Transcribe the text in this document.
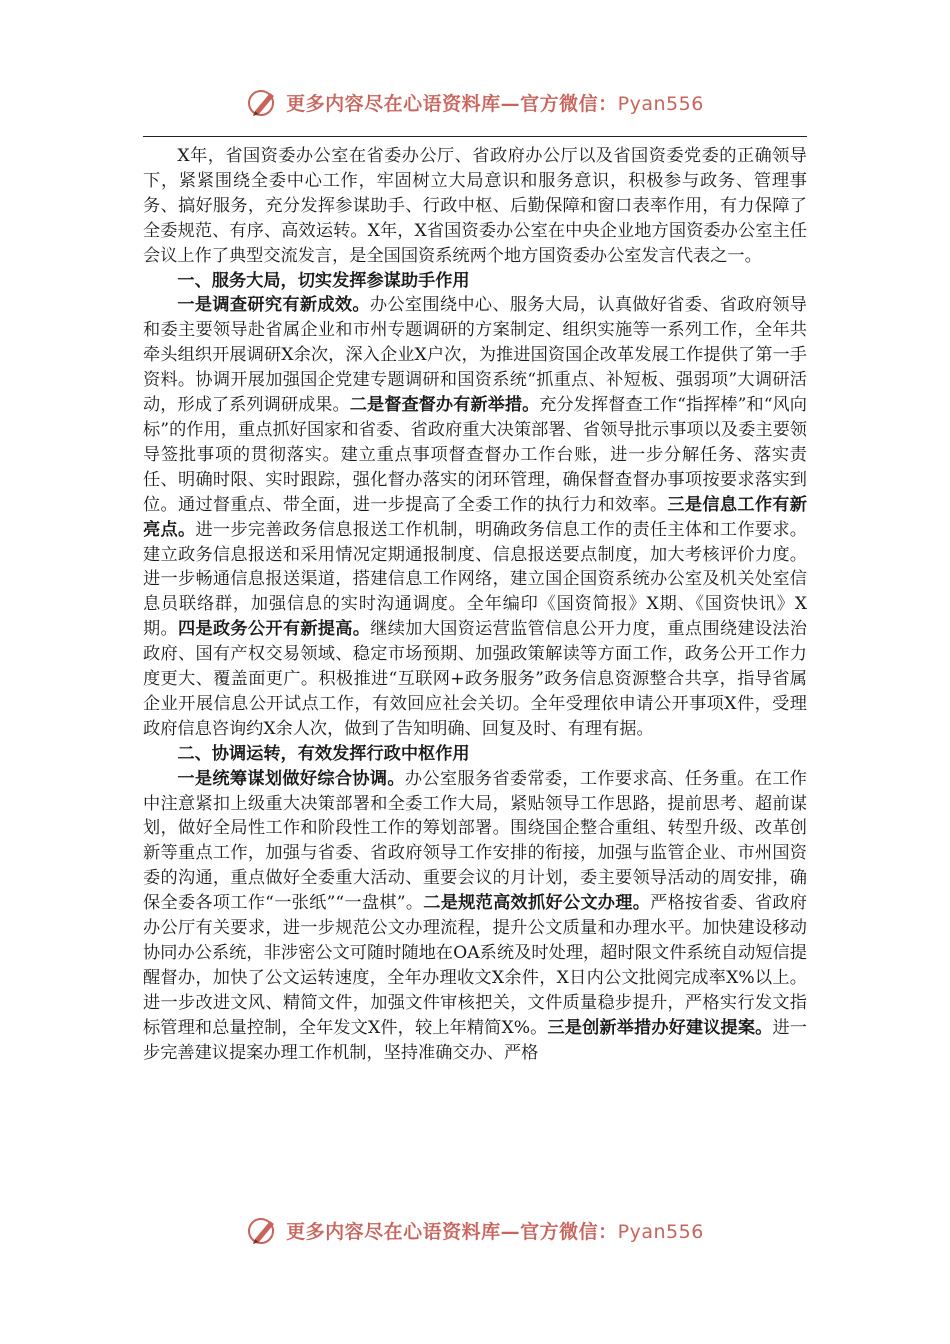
更多内容尽在心语资料库—官方微信：Pyan556

X年，省国资委办公室在省委办公厅、省政府办公厅以及省国资委党委的正确领导下，紧紧围绕全委中心工作，牢固树立大局意识和服务意识，积极参与政务、管理事务、搞好服务，充分发挥参谋助手、行政中枢、后勤保障和窗口表率作用，有力保障了全委规范、有序、高效运转。X年，X省国资委办公室在中央企业地方国资委办公室主任会议上作了典型交流发言，是全国国资系统两个地方国资委办公室发言代表之一。

一、服务大局，切实发挥参谋助手作用

一是调查研究有新成效。办公室围绕中心、服务大局，认真做好省委、省政府领导和委主要领导赴省属企业和市州专题调研的方案制定、组织实施等一系列工作，全年共牵头组织开展调研X余次，深入企业X户次，为推进国资国企改革发展工作提供了第一手资料。协调开展加强国企党建专题调研和国资系统“抓重点、补短板、强弱项”大调研活动，形成了系列调研成果。二是督查督办有新举措。充分发挥督查工作“指挥棒”和“风向标”的作用，重点抓好国家和省委、省政府重大决策部署、省领导批示事项以及委主要领导签批事项的贯彻落实。建立重点事项督查督办工作台账，进一步分解任务、落实责任、明确时限、实时跟踪，强化督办落实的闭环管理，确保督查督办事项按要求落实到位。通过督重点、带全面，进一步提高了全委工作的执行力和效率。三是信息工作有新亮点。进一步完善政务信息报送工作机制，明确政务信息工作的责任主体和工作要求。建立政务信息报送和采用情况定期通报制度、信息报送要点制度，加大考核评价力度。进一步畅通信息报送渠道，搭建信息工作网络，建立国企国资系统办公室及机关处室信息员联络群，加强信息的实时沟通调度。全年编印《国资简报》X期、《国资快讯》X期。四是政务公开有新提高。继续加大国资运营监管信息公开力度，重点围绕建设法治政府、国有产权交易领域、稳定市场预期、加强政策解读等方面工作，政务公开工作力度更大、覆盖面更广。积极推进“互联网+政务服务”政务信息资源整合共享，指导省属企业开展信息公开试点工作，有效回应社会关切。全年受理依申请公开事项X件，受理政府信息咨询约X余人次，做到了告知明确、回复及时、有理有据。

二、协调运转，有效发挥行政中枢作用

一是统筹谋划做好综合协调。办公室服务省委常委，工作要求高、任务重。在工作中注意紧扣上级重大决策部署和全委工作大局，紧贴领导工作思路，提前思考、超前谋划，做好全局性工作和阶段性工作的筹划部署。围绕国企整合重组、转型升级、改革创新等重点工作，加强与省委、省政府领导工作安排的衔接，加强与监管企业、市州国资委的沟通，重点做好全委重大活动、重要会议的月计划，委主要领导活动的周安排，确保全委各项工作“一张纸”“一盘棋”。二是规范高效抓好公文办理。严格按省委、省政府办公厅有关要求，进一步规范公文办理流程，提升公文质量和办理水平。加快建设移动协同办公系统，非涉密公文可随时随地在OA系统及时处理，超时限文件系统自动短信提醒督办，加快了公文运转速度，全年办理收文X余件，X日内公文批阅完成率X%以上。进一步改进文风、精简文件，加强文件审核把关，文件质量稳步提升，严格实行发文指标管理和总量控制，全年发文X件，较上年精简X%。三是创新举措办好建议提案。进一步完善建议提案办理工作机制，坚持准确交办、严格

更多内容尽在心语资料库—官方微信：Pyan556
